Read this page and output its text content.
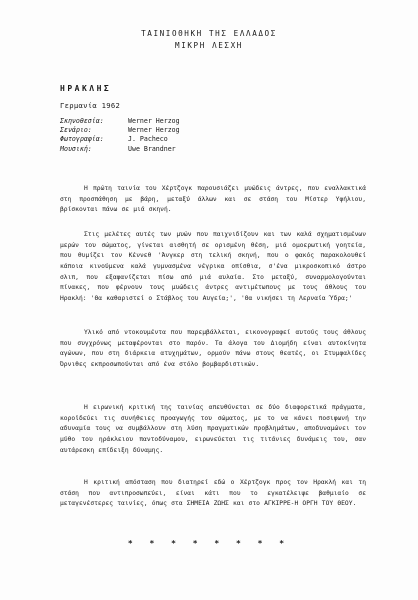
ΤΑΙΝΙΟΘΗΚΗ ΤΗΣ ΕΛΛΑΔΟΣ
ΜΙΚΡΗ ΛΕΣΧΗ
ΗΡΑΚΛΗΣ
Γερμανία 1962
Σκηνοθεσία:	Werner Herzog
Σενάριο:	Werner Herzog
Φωτογραφία:	J. Pacheco
Μουσική:	Uwe Brandner

Η πρώτη ταινία του Χέρτζογκ παρουσιάζει μυώδεις άντρες, που εναλλακτικά στη προσπάθηση με βάρη, μεταξύ άλλων και σε στάση του Μίστερ Υφήλιου, βρίσκονται πάνω σε μιά σκηνή.

Στις μελέτες αυτές των μυών που παιχνιδίζουν και των καλά σχηματισμένων μερών του σώματος, γίνεται αισθητή σε ορισμένη θέση, μιά ομοερωτική γοητεία, που θυμίζει τον Κέννεθ 'Άνγκερ στη τελική σκηνή, που ο φακός παρακολουθεί κάποια κινούμενα καλά γυμνασμένα νέγρικα οπίσθια, σ'ένα μικροσκοπικό άστρο σλιπ, που εξαφανίζεται πίσω από μιά αυλαία. Στο μεταξύ, συναρμολογούνται πίνακες, που φέρνουν τους μυώδεις άντρες αντιμέτωπους με τους άθλους του Ηρακλή: 'Θα καθαριστεί ο Στάβλος του Αυγεία;', 'Θα νικήσει τη Λερναία Ύδρα;'

Υλικό από ντοκουμέντα που παρεμβάλλεται, εικονογραφεί αυτούς τους άθλους που συγχρόνως μεταφέρονται στο παρόν. Τα άλογα του Διομήδη είναι αυτοκίνητα αγώνων, που στη διάρκεια ατυχημάτων, ορμούν πάνω στους θεατές, οι Στυμφαλίδες Όρνιθες εκπροσωπούνται από ένα στόλο βομβαρδιστικών.

Η ειρωνική κριτική της ταινίας απευθύνεται σε δύο διαφορετικά πράγματα, κοροϊδεύει τις συνήθειες προαγωγής του σώματος, με το να κάνει ποσιφωνή την αδυναμία τους να συμβάλλουν στη λύση πραγματικών προβλημάτων, αποδυναμώνει τον μύθο του ηράκλειου παντοδύναμου, ειρωνεύεται τις τιτάνιες δυνάμεις του, σαν αυτάρεσκη επίδειξη δύναμης.

Η κριτική απόσταση που διατηρεί εδώ ο Χέρτζογκ προς τον Ηρακλή και τη στάση που αντιπροσωπεύει, είναι κάτι που το εγκατέλειψε βαθμιαίο σε μεταγενέστερες ταινίες, όπως στα ΣΗΜΕΙΑ ΖΩΗΣ και στο ΑΓΚΙΡΡΕ-Η ΟΡΓΗ ΤΟΥ ΘΕΟΥ.

* * * * * * * *
